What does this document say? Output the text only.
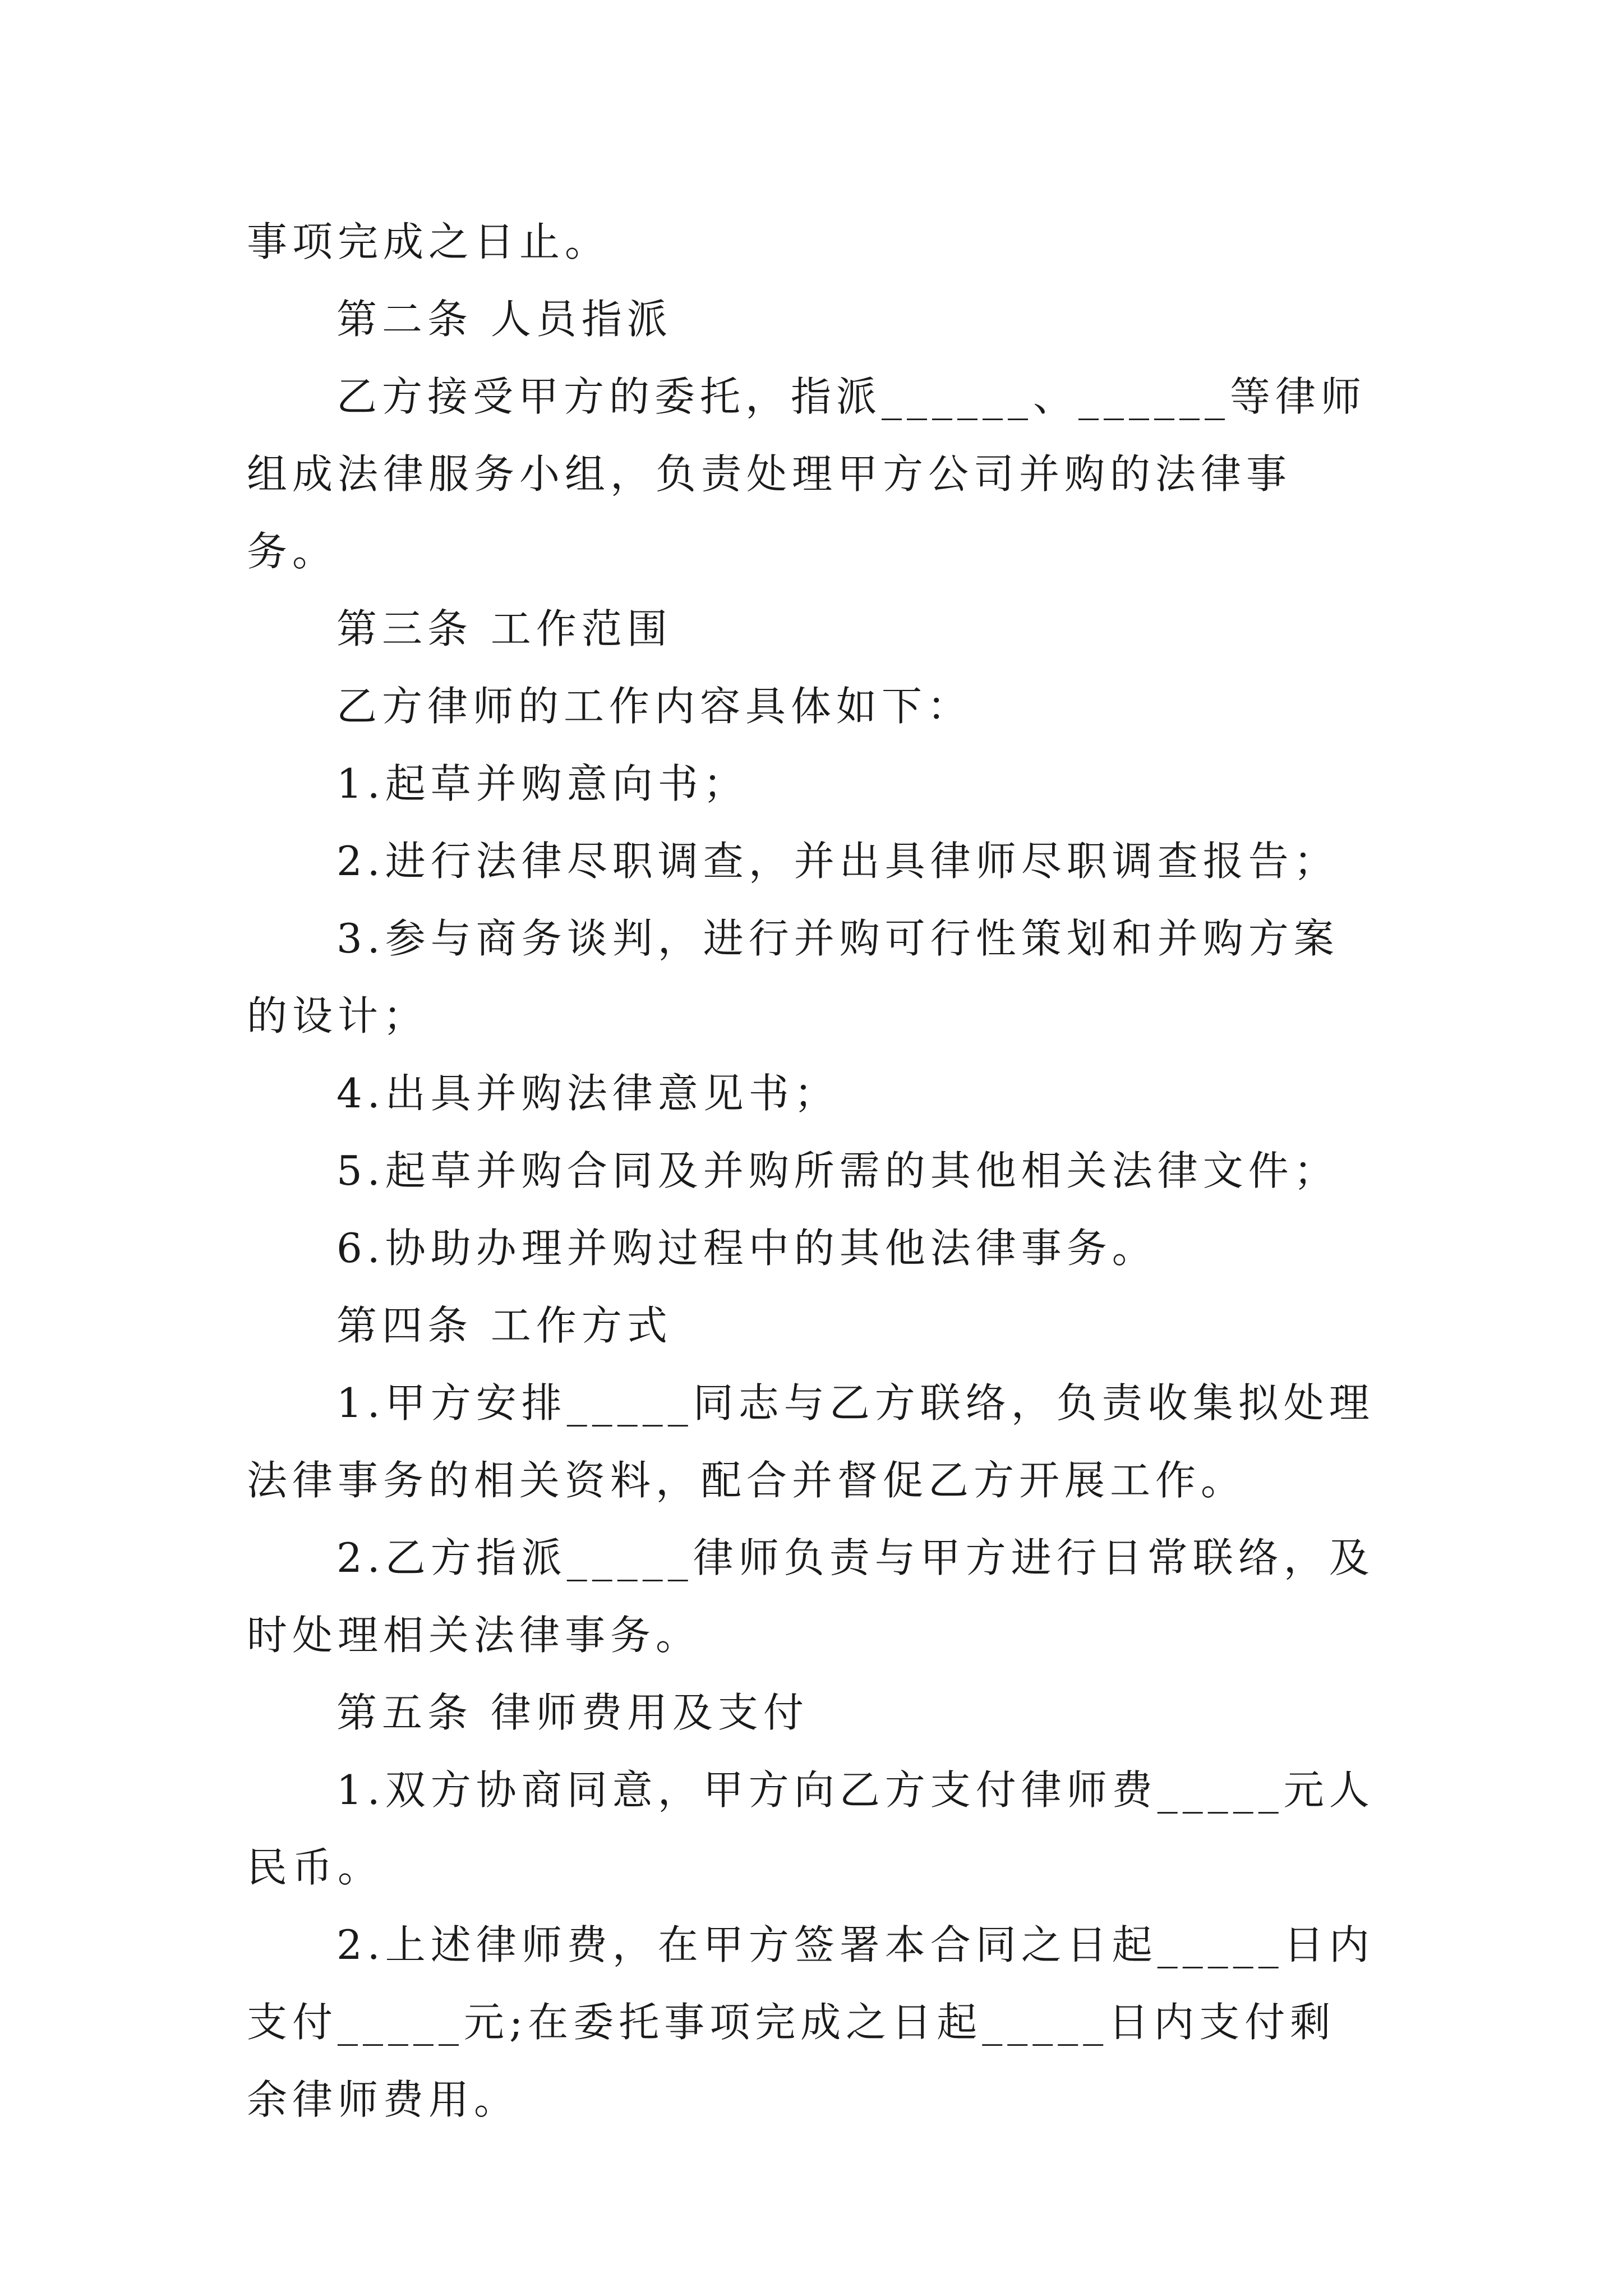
事项完成之日止。

第二条 人员指派

乙方接受甲方的委托，指派______、______等律师组成法律服务小组，负责处理甲方公司并购的法律事务。

第三条 工作范围

乙方律师的工作内容具体如下：

1.起草并购意向书；

2.进行法律尽职调查，并出具律师尽职调查报告；

3.参与商务谈判，进行并购可行性策划和并购方案的设计；

4.出具并购法律意见书；

5.起草并购合同及并购所需的其他相关法律文件；

6.协助办理并购过程中的其他法律事务。

第四条 工作方式

1.甲方安排_____同志与乙方联络，负责收集拟处理法律事务的相关资料，配合并督促乙方开展工作。

2.乙方指派_____律师负责与甲方进行日常联络，及时处理相关法律事务。

第五条 律师费用及支付

1.双方协商同意，甲方向乙方支付律师费_____元人民币。

2.上述律师费，在甲方签署本合同之日起_____日内支付_____元;在委托事项完成之日起_____日内支付剩余律师费用。
